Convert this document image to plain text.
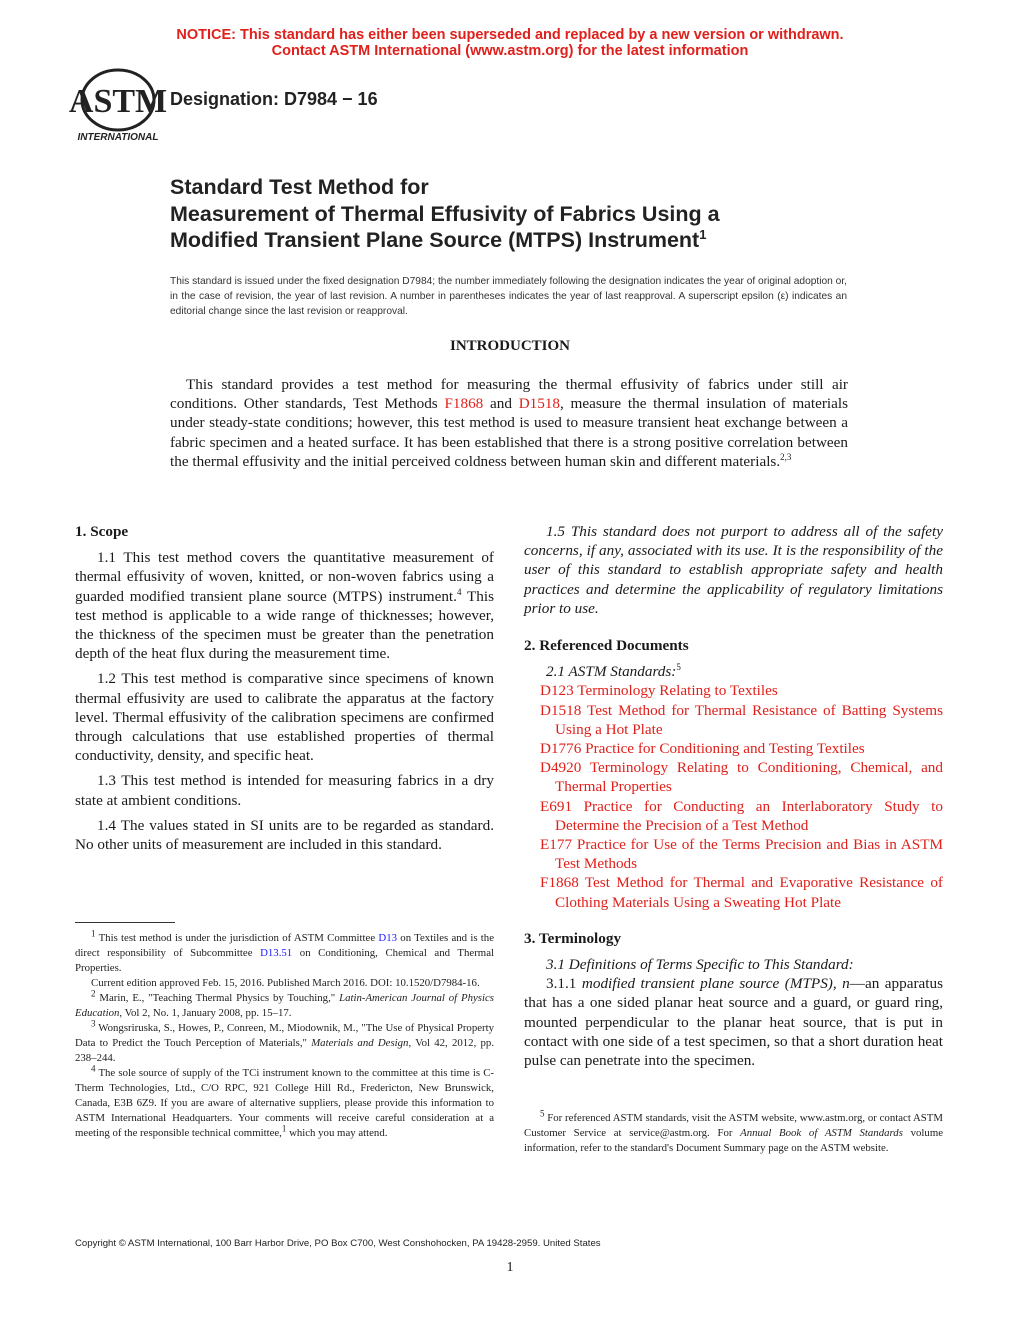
NOTICE: This standard has either been superseded and replaced by a new version or withdrawn.
Contact ASTM International (www.astm.org) for the latest information
ASTM
INTERNATIONAL
Designation: D7984 − 16
Standard Test Method for
Measurement of Thermal Effusivity of Fabrics Using a
Modified Transient Plane Source (MTPS) Instrument$^1$
This standard is issued under the fixed designation D7984; the number immediately following the designation indicates the year of original adoption or, in the case of revision, the year of last revision. A number in parentheses indicates the year of last reapproval. A superscript epsilon (ε) indicates an editorial change since the last revision or reapproval.
INTRODUCTION
This standard provides a test method for measuring the thermal effusivity of fabrics under still air conditions. Other standards, Test Methods F1868 and D1518, measure the thermal insulation of materials under steady-state conditions; however, this test method is used to measure transient heat exchange between a fabric specimen and a heated surface. It has been established that there is a strong positive correlation between the thermal effusivity and the initial perceived coldness between human skin and different materials.$^{2,3}$
1. Scope

1.1 This test method covers the quantitative measurement of thermal effusivity of woven, knitted, or non-woven fabrics using a guarded modified transient plane source (MTPS) instrument.$^4$ This test method is applicable to a wide range of thicknesses; however, the thickness of the specimen must be greater than the penetration depth of the heat flux during the measurement time.

1.2 This test method is comparative since specimens of known thermal effusivity are used to calibrate the apparatus at the factory level. Thermal effusivity of the calibration specimens are confirmed through calculations that use established properties of thermal conductivity, density, and specific heat.

1.3 This test method is intended for measuring fabrics in a dry state at ambient conditions.

1.4 The values stated in SI units are to be regarded as standard. No other units of measurement are included in this standard.

1.5 This standard does not purport to address all of the safety concerns, if any, associated with its use. It is the responsibility of the user of this standard to establish appropriate safety and health practices and determine the applicability of regulatory limitations prior to use.

2. Referenced Documents

2.1 ASTM Standards:$^5$

D123 Terminology Relating to Textiles

D1518 Test Method for Thermal Resistance of Batting Systems Using a Hot Plate

D1776 Practice for Conditioning and Testing Textiles

D4920 Terminology Relating to Conditioning, Chemical, and Thermal Properties

E691 Practice for Conducting an Interlaboratory Study to Determine the Precision of a Test Method

E177 Practice for Use of the Terms Precision and Bias in ASTM Test Methods

F1868 Test Method for Thermal and Evaporative Resistance of Clothing Materials Using a Sweating Hot Plate

3. Terminology

3.1 Definitions of Terms Specific to This Standard:

3.1.1 modified transient plane source (MTPS), n—an apparatus that has a one sided planar heat source and a guard, or guard ring, mounted perpendicular to the planar heat source, that is put in contact with one side of a test specimen, so that a short duration heat pulse can penetrate into the specimen.

$^1$ This test method is under the jurisdiction of ASTM Committee D13 on Textiles and is the direct responsibility of Subcommittee D13.51 on Conditioning, Chemical and Thermal Properties.

Current edition approved Feb. 15, 2016. Published March 2016. DOI: 10.1520/D7984-16.

$^2$ Marin, E., "Teaching Thermal Physics by Touching," Latin-American Journal of Physics Education, Vol 2, No. 1, January 2008, pp. 15–17.

$^3$ Wongsriruska, S., Howes, P., Conreen, M., Miodownik, M., "The Use of Physical Property Data to Predict the Touch Perception of Materials," Materials and Design, Vol 42, 2012, pp. 238–244.

$^4$ The sole source of supply of the TCi instrument known to the committee at this time is C-Therm Technologies, Ltd., C/O RPC, 921 College Hill Rd., Fredericton, New Brunswick, Canada, E3B 6Z9. If you are aware of alternative suppliers, please provide this information to ASTM International Headquarters. Your comments will receive careful consideration at a meeting of the responsible technical committee,$^1$ which you may attend.

$^5$ For referenced ASTM standards, visit the ASTM website, www.astm.org, or contact ASTM Customer Service at service@astm.org. For Annual Book of ASTM Standards volume information, refer to the standard's Document Summary page on the ASTM website.

Copyright © ASTM International, 100 Barr Harbor Drive, PO Box C700, West Conshohocken, PA 19428-2959. United States
1
